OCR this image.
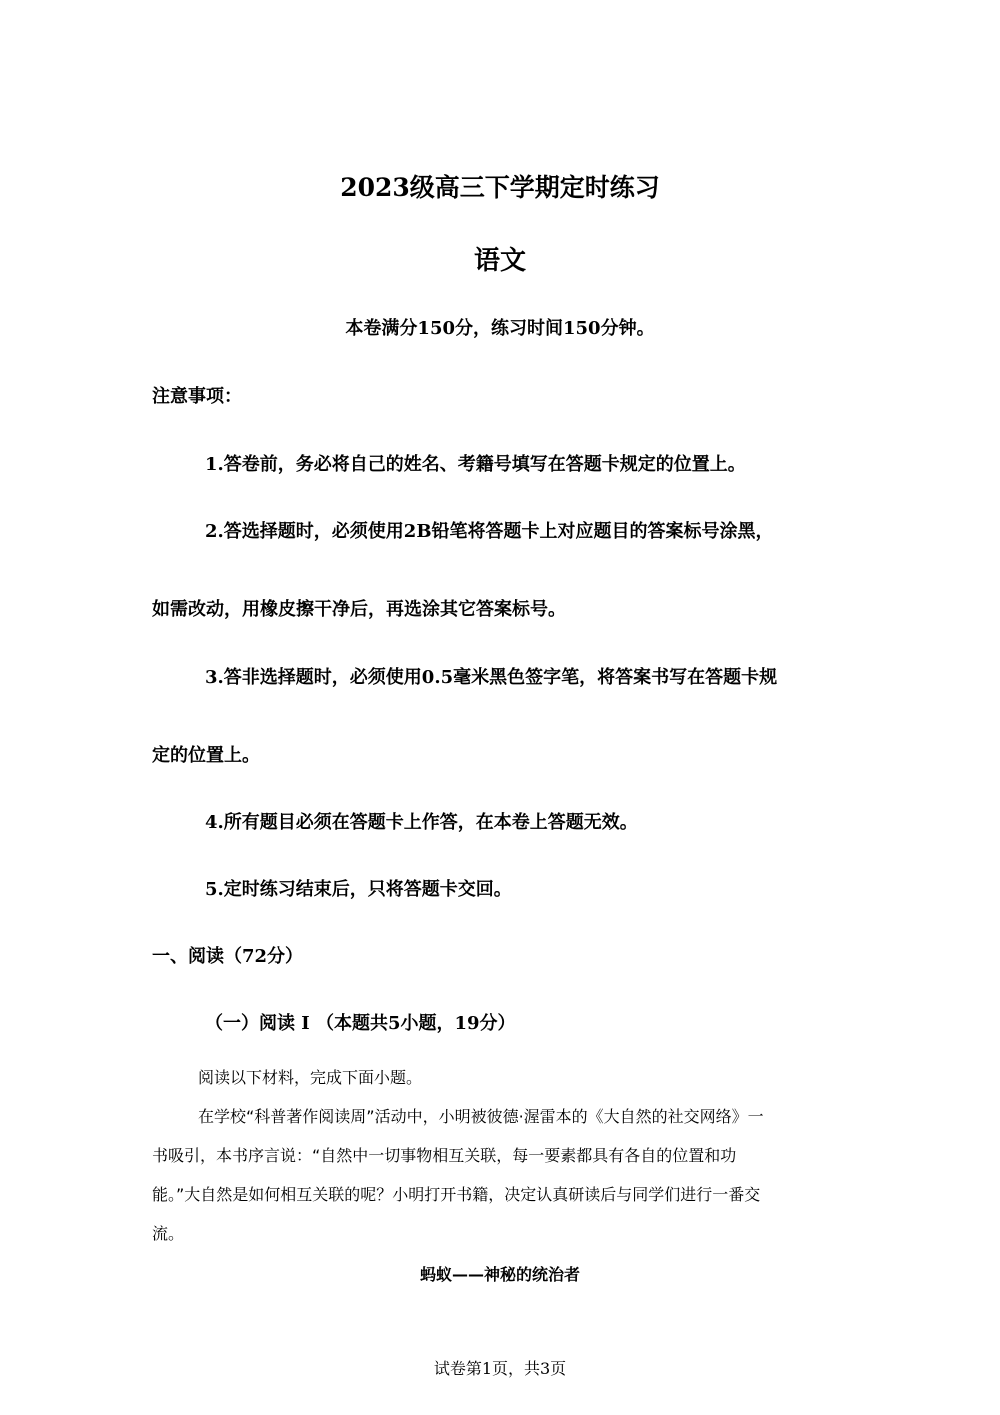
2023级高三下学期定时练习
语文
本卷满分150分，练习时间150分钟。
注意事项：
1.答卷前，务必将自己的姓名、考籍号填写在答题卡规定的位置上。
2.答选择题时，必须使用2B铅笔将答题卡上对应题目的答案标号涂黑，
如需改动，用橡皮擦干净后，再选涂其它答案标号。
3.答非选择题时，必须使用0.5毫米黑色签字笔，将答案书写在答题卡规
定的位置上。
4.所有题目必须在答题卡上作答，在本卷上答题无效。
5.定时练习结束后，只将答题卡交回。
一、阅读（72分）
（一）阅读 I （本题共5小题，19分）
阅读以下材料，完成下面小题。
在学校“科普著作阅读周”活动中，小明被彼德·渥雷本的《大自然的社交网络》一
书吸引，本书序言说：“自然中一切事物相互关联，每一要素都具有各自的位置和功
能。”大自然是如何相互关联的呢？小明打开书籍，决定认真研读后与同学们进行一番交
流。
蚂蚁——神秘的统治者
试卷第1页，共3页
